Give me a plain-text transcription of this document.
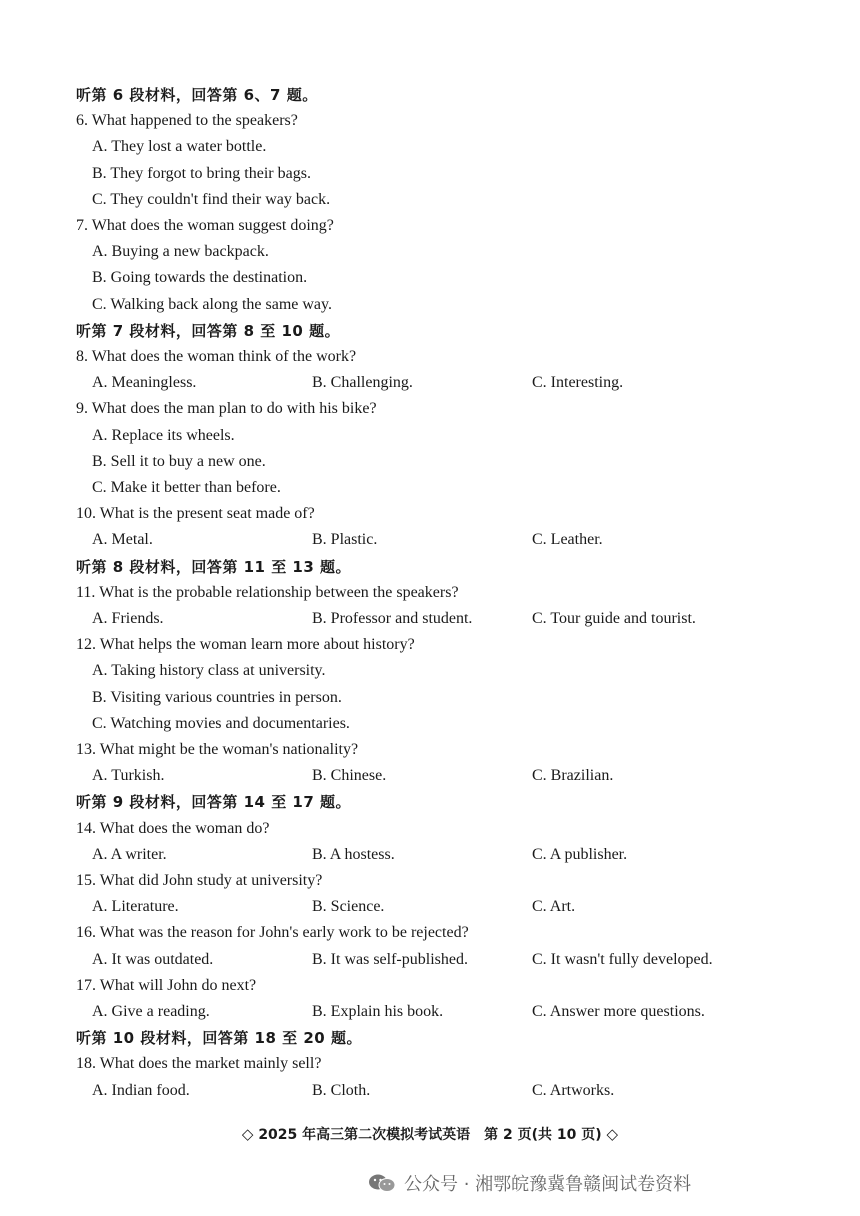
听第 6 段材料，回答第 6、7 题。
6. What happened to the speakers?
A. They lost a water bottle.
B. They forgot to bring their bags.
C. They couldn't find their way back.
7. What does the woman suggest doing?
A. Buying a new backpack.
B. Going towards the destination.
C. Walking back along the same way.
听第 7 段材料，回答第 8 至 10 题。
8. What does the woman think of the work?
A. Meaningless.	B. Challenging.	C. Interesting.
9. What does the man plan to do with his bike?
A. Replace its wheels.
B. Sell it to buy a new one.
C. Make it better than before.
10. What is the present seat made of?
A. Metal.	B. Plastic.	C. Leather.
听第 8 段材料，回答第 11 至 13 题。
11. What is the probable relationship between the speakers?
A. Friends.	B. Professor and student.	C. Tour guide and tourist.
12. What helps the woman learn more about history?
A. Taking history class at university.
B. Visiting various countries in person.
C. Watching movies and documentaries.
13. What might be the woman's nationality?
A. Turkish.	B. Chinese.	C. Brazilian.
听第 9 段材料，回答第 14 至 17 题。
14. What does the woman do?
A. A writer.	B. A hostess.	C. A publisher.
15. What did John study at university?
A. Literature.	B. Science.	C. Art.
16. What was the reason for John's early work to be rejected?
A. It was outdated.	B. It was self-published.	C. It wasn't fully developed.
17. What will John do next?
A. Give a reading.	B. Explain his book.	C. Answer more questions.
听第 10 段材料，回答第 18 至 20 题。
18. What does the market mainly sell?
A. Indian food.	B. Cloth.	C. Artworks.
◇ 2025 年高三第二次模拟考试英语　第 2 页(共 10 页) ◇
公众号 · 湘鄂皖豫冀鲁赣闽试卷资料
